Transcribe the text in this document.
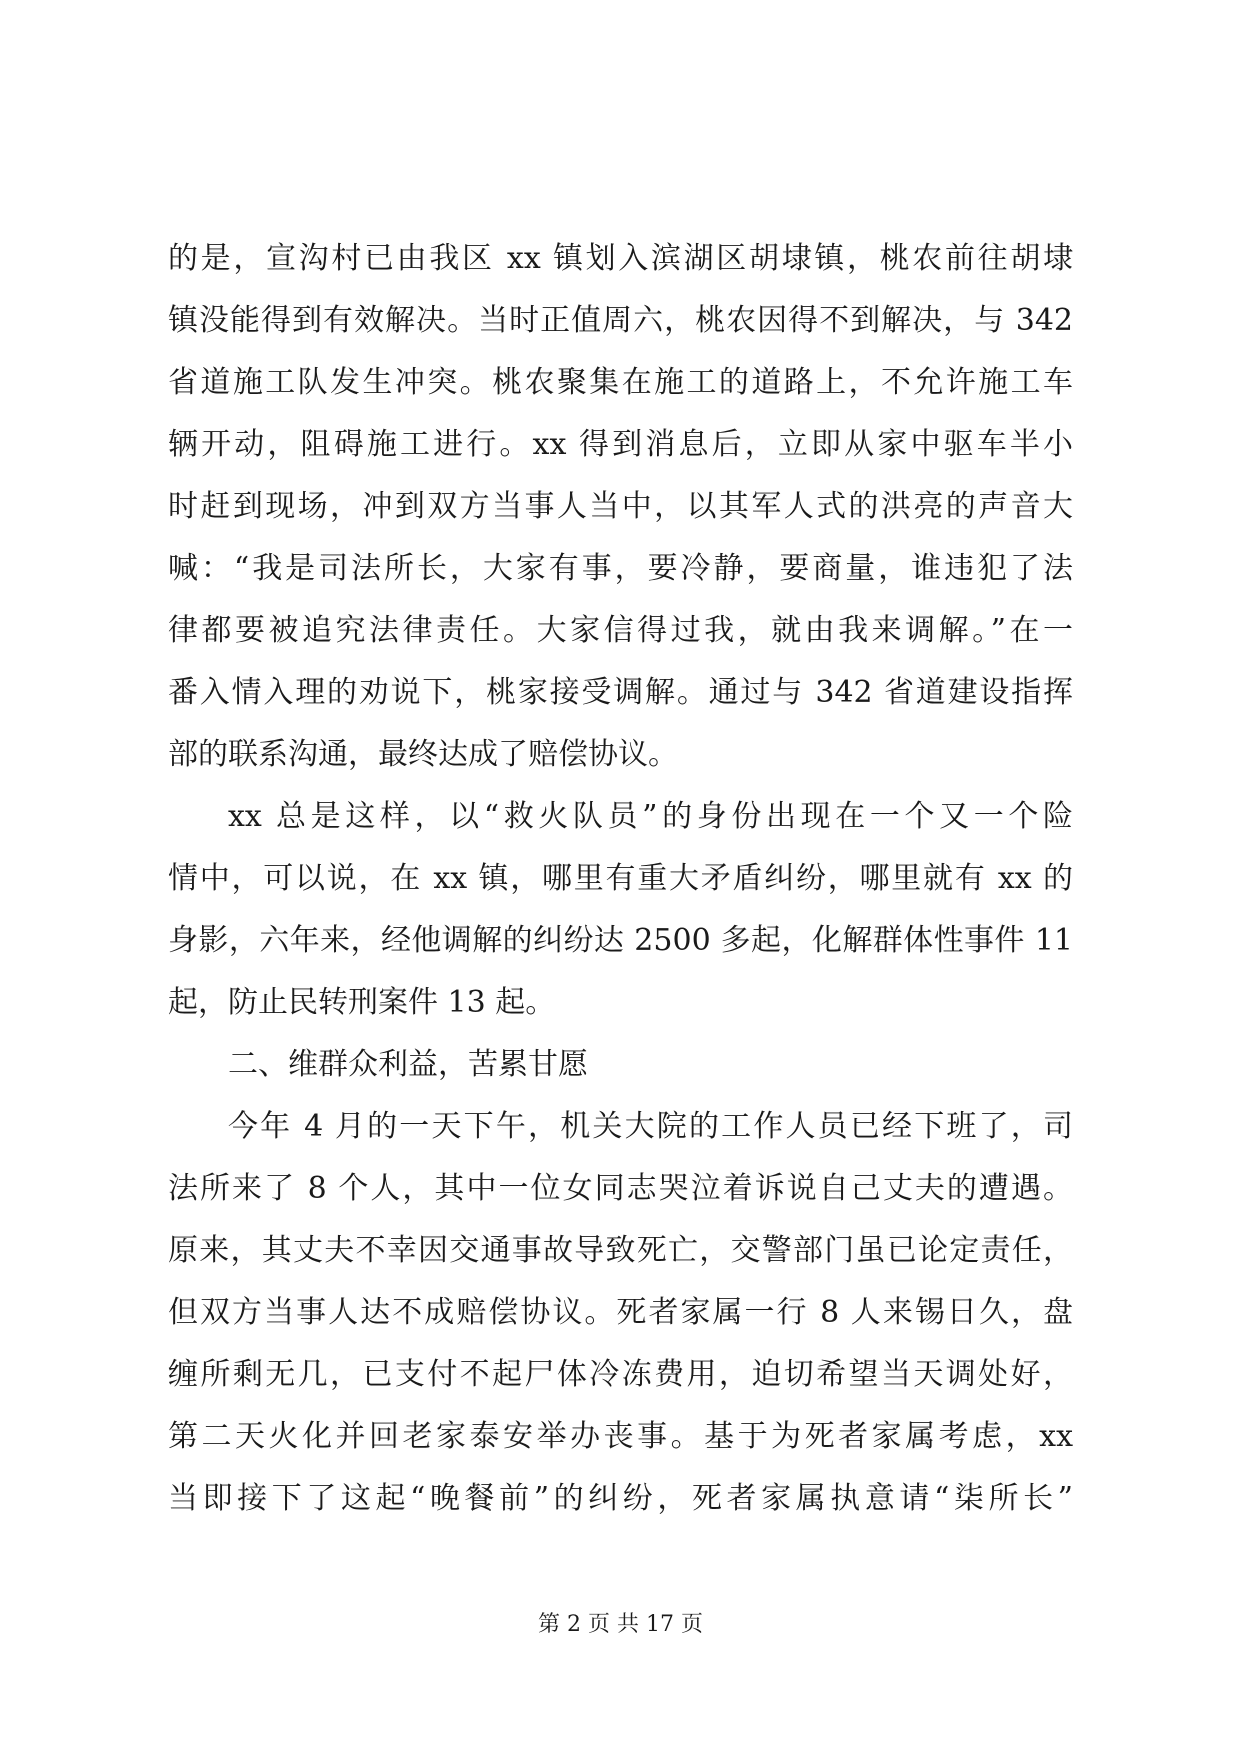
的是，宣沟村已由我区 xx 镇划入滨湖区胡埭镇，桃农前往胡埭
镇没能得到有效解决。当时正值周六，桃农因得不到解决，与 342
省道施工队发生冲突。桃农聚集在施工的道路上，不允许施工车
辆开动，阻碍施工进行。xx 得到消息后，立即从家中驱车半小
时赶到现场，冲到双方当事人当中，以其军人式的洪亮的声音大
喊：“我是司法所长，大家有事，要冷静，要商量，谁违犯了法
律都要被追究法律责任。大家信得过我，就由我来调解。”在一
番入情入理的劝说下，桃家接受调解。通过与 342 省道建设指挥
部的联系沟通，最终达成了赔偿协议。
xx 总是这样，以“救火队员”的身份出现在一个又一个险
情中，可以说，在 xx 镇，哪里有重大矛盾纠纷，哪里就有 xx 的
身影，六年来，经他调解的纠纷达 2500 多起，化解群体性事件 11
起，防止民转刑案件 13 起。
二、维群众利益，苦累甘愿
今年 4 月的一天下午，机关大院的工作人员已经下班了，司
法所来了 8 个人，其中一位女同志哭泣着诉说自己丈夫的遭遇。
原来，其丈夫不幸因交通事故导致死亡，交警部门虽已论定责任，
但双方当事人达不成赔偿协议。死者家属一行 8 人来锡日久，盘
缠所剩无几，已支付不起尸体冷冻费用，迫切希望当天调处好，
第二天火化并回老家泰安举办丧事。基于为死者家属考虑，xx
当即接下了这起“晚餐前”的纠纷，死者家属执意请“柒所长”
第 2 页 共 17 页
